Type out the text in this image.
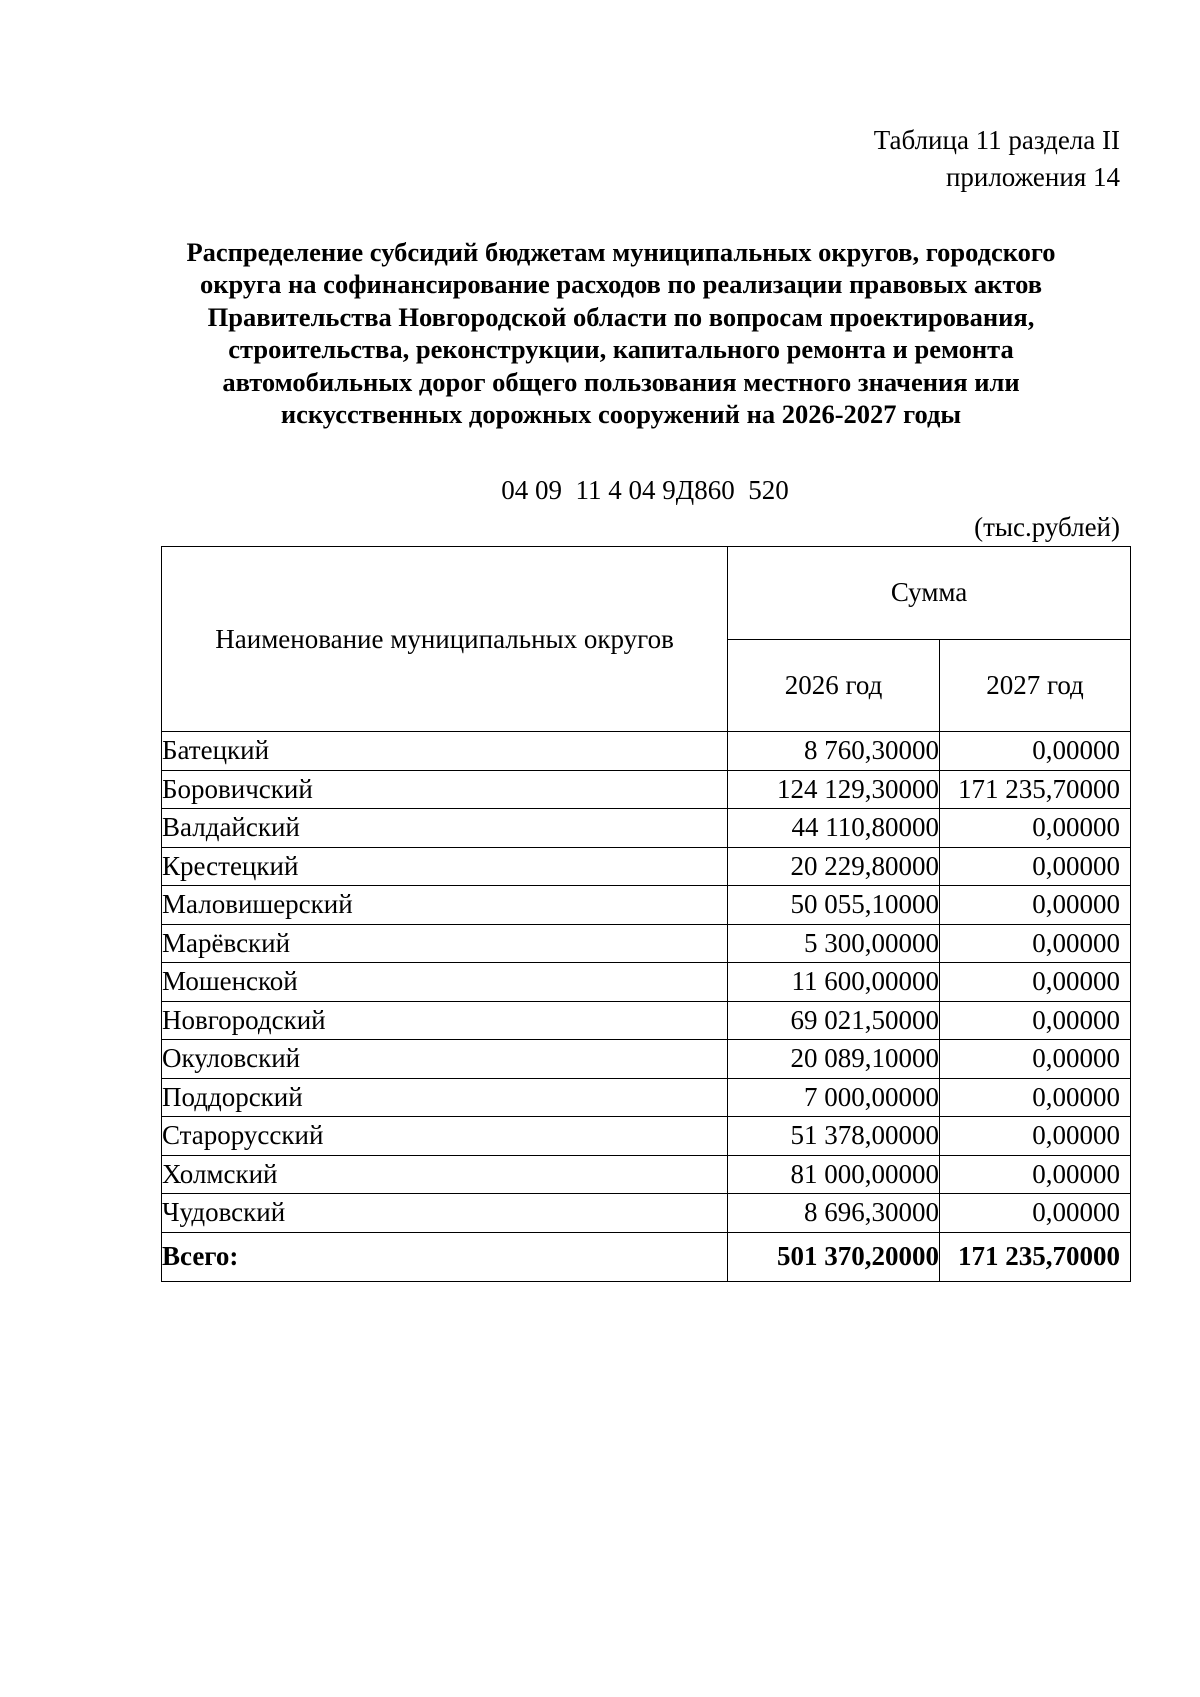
Таблица 11 раздела II
приложения 14
Распределение субсидий бюджетам муниципальных округов, городского округа на софинансирование расходов по реализации правовых актов Правительства Новгородской области по вопросам проектирования, строительства, реконструкции, капитального ремонта и ремонта автомобильных дорог общего пользования местного значения или искусственных дорожных сооружений на 2026-2027 годы
04 09  11 4 04 9Д860  520
(тыс.рублей)
Наименование муниципальных округов	Сумма	
	2026 год	2027 год
Батецкий	8 760,30000	0,00000
Боровичский	124 129,30000	171 235,70000
Валдайский	44 110,80000	0,00000
Крестецкий	20 229,80000	0,00000
Маловишерский	50 055,10000	0,00000
Марёвский	5 300,00000	0,00000
Мошенской	11 600,00000	0,00000
Новгородский	69 021,50000	0,00000
Окуловский	20 089,10000	0,00000
Поддорский	7 000,00000	0,00000
Старорусский	51 378,00000	0,00000
Холмский	81 000,00000	0,00000
Чудовский	8 696,30000	0,00000
Всего:	501 370,20000	171 235,70000
